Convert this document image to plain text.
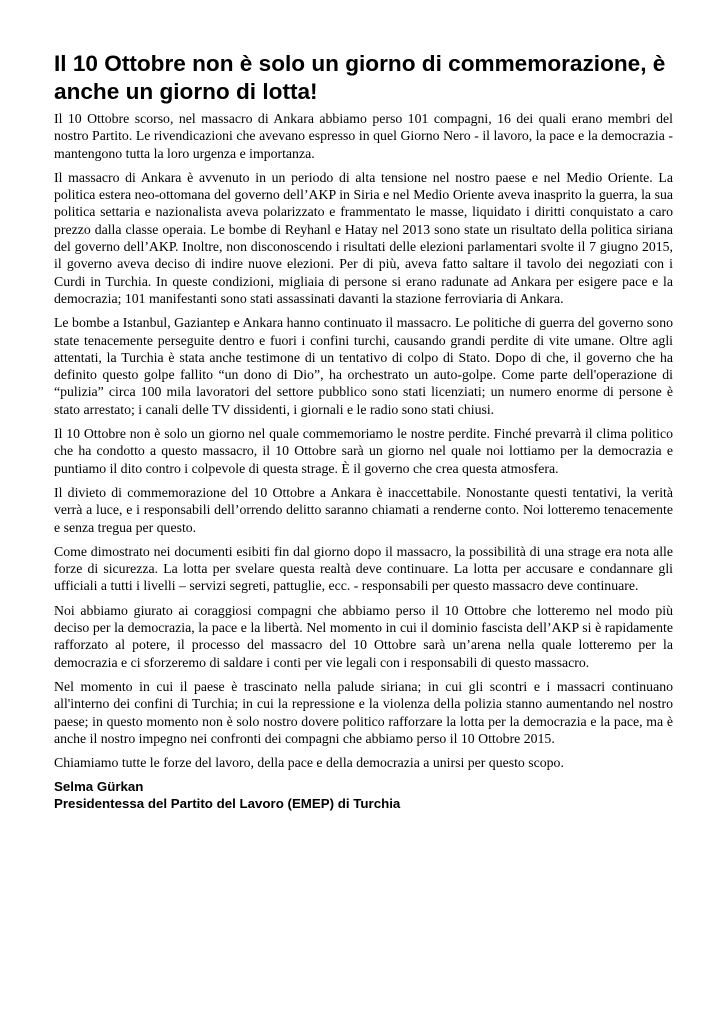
Il 10 Ottobre non è solo un giorno di commemorazione, è anche un giorno di lotta!

Il 10 Ottobre scorso, nel massacro di Ankara abbiamo perso 101 compagni, 16 dei quali erano membri del nostro Partito. Le rivendicazioni che avevano espresso in quel Giorno Nero - il lavoro, la pace e la democrazia - mantengono tutta la loro urgenza e importanza.

Il massacro di Ankara è avvenuto in un periodo di alta tensione nel nostro paese e nel Medio Oriente. La politica estera neo-ottomana del governo dell’AKP in Siria e nel Medio Oriente aveva inasprito la guerra, la sua politica settaria e nazionalista aveva polarizzato e frammentato le masse, liquidato i diritti conquistato a caro prezzo dalla classe operaia. Le bombe di Reyhanl e Hatay nel 2013 sono state un risultato della politica siriana del governo dell’AKP. Inoltre, non disconoscendo i risultati delle elezioni parlamentari svolte il 7 giugno 2015, il governo aveva deciso di indire nuove elezioni. Per di più, aveva fatto saltare il tavolo dei negoziati con i Curdi in Turchia. In queste condizioni, migliaia di persone si erano radunate ad Ankara per esigere pace e la democrazia; 101 manifestanti sono stati assassinati davanti la stazione ferroviaria di Ankara.

Le bombe a Istanbul, Gaziantep e Ankara hanno continuato il massacro. Le politiche di guerra del governo sono state tenacemente perseguite dentro e fuori i confini turchi, causando grandi perdite di vite umane. Oltre agli attentati, la Turchia è stata anche testimone di un tentativo di colpo di Stato. Dopo di che, il governo che ha definito questo golpe fallito “un dono di Dio”, ha orchestrato un auto-golpe. Come parte dell'operazione di “pulizia” circa 100 mila lavoratori del settore pubblico sono stati licenziati; un numero enorme di persone è stato arrestato; i canali delle TV dissidenti, i giornali e le radio sono stati chiusi.

Il 10 Ottobre non è solo un giorno nel quale commemoriamo le nostre perdite. Finché prevarrà il clima politico che ha condotto a questo massacro, il 10 Ottobre sarà un giorno nel quale noi lottiamo per la democrazia e puntiamo il dito contro i colpevole di questa strage. È il governo che crea questa atmosfera.

Il divieto di commemorazione del 10 Ottobre a Ankara è inaccettabile. Nonostante questi tentativi, la verità verrà a luce, e i responsabili dell’orrendo delitto saranno chiamati a renderne conto. Noi lotteremo tenacemente e senza tregua per questo.

Come dimostrato nei documenti esibiti fin dal giorno dopo il massacro, la possibilità di una strage era nota alle forze di sicurezza. La lotta per svelare questa realtà deve continuare. La lotta per accusare e condannare gli ufficiali a tutti i livelli – servizi segreti, pattuglie, ecc. - responsabili per questo massacro deve continuare.

Noi abbiamo giurato ai coraggiosi compagni che abbiamo perso il 10 Ottobre che lotteremo nel modo più deciso per la democrazia, la pace e la libertà. Nel momento in cui il dominio fascista dell’AKP si è rapidamente rafforzato al potere, il processo del massacro del 10 Ottobre sarà un’arena nella quale lotteremo per la democrazia e ci sforzeremo di saldare i conti per vie legali con i responsabili di questo massacro.

Nel momento in cui il paese è trascinato nella palude siriana; in cui gli scontri e i massacri continuano all'interno dei confini di Turchia; in cui la repressione e la violenza della polizia stanno aumentando nel nostro paese; in questo momento non è solo nostro dovere politico rafforzare la lotta per la democrazia e la pace, ma è anche il nostro impegno nei confronti dei compagni che abbiamo perso il 10 Ottobre 2015.

Chiamiamo tutte le forze del lavoro, della pace e della democrazia a unirsi per questo scopo.

Selma Gürkan

Presidentessa del Partito del Lavoro (EMEP) di Turchia
